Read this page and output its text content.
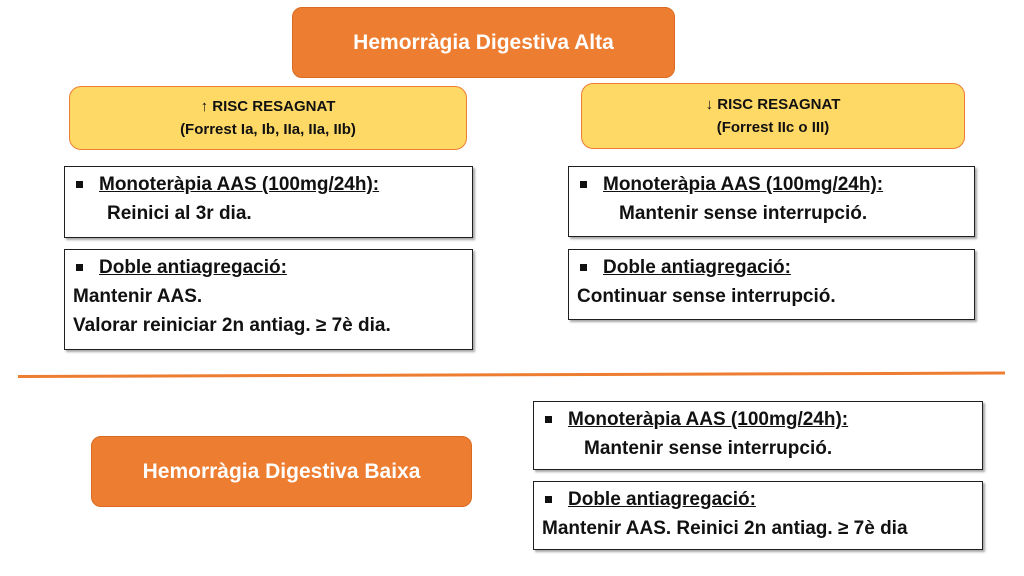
Hemorràgia Digestiva Alta
↑ RISC RESAGNAT
(Forrest Ia, Ib, IIa, IIa, IIb)
↓ RISC RESAGNAT
(Forrest IIc o III)
Monoteràpia AAS (100mg/24h):
Reinici al 3r dia.
Doble antiagregació:
Mantenir AAS.
Valorar reiniciar 2n antiag. ≥ 7è dia.
Monoteràpia AAS (100mg/24h):
Mantenir sense interrupció.
Doble antiagregació:
Continuar sense interrupció.
Hemorràgia Digestiva Baixa
Monoteràpia AAS (100mg/24h):
Mantenir sense interrupció.
Doble antiagregació:
Mantenir AAS. Reinici 2n antiag. ≥ 7è dia
